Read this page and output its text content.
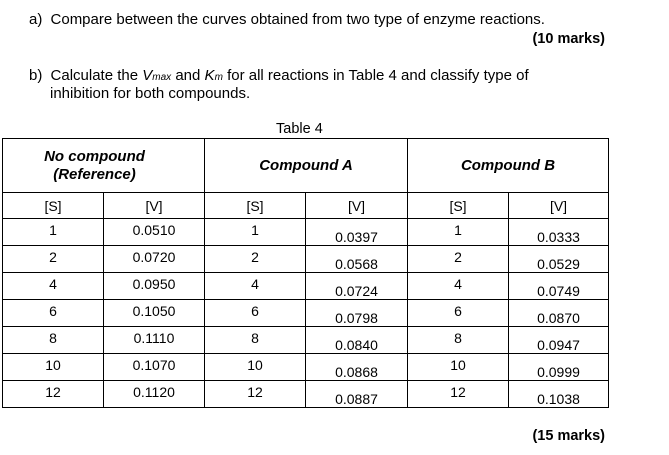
a) Compare between the curves obtained from two type of enzyme reactions.
(10 marks)
b) Calculate the Vmax and Km for all reactions in Table 4 and classify type of
inhibition for both compounds.
Table 4
No compound
(Reference)		Compound A		Compound B	

[S]	[V]	[S]	[V]	[S]	[V]

1	0.0510	1	0.0397	1	0.0333

2	0.0720	2	0.0568	2	0.0529

4	0.0950	4	0.0724	4	0.0749

6	0.1050	6	0.0798	6	0.0870

8	0.1110	8	0.0840	8	0.0947

10	0.1070	10	0.0868	10	0.0999

12	0.1120	12	0.0887	12	0.1038
(15 marks)
